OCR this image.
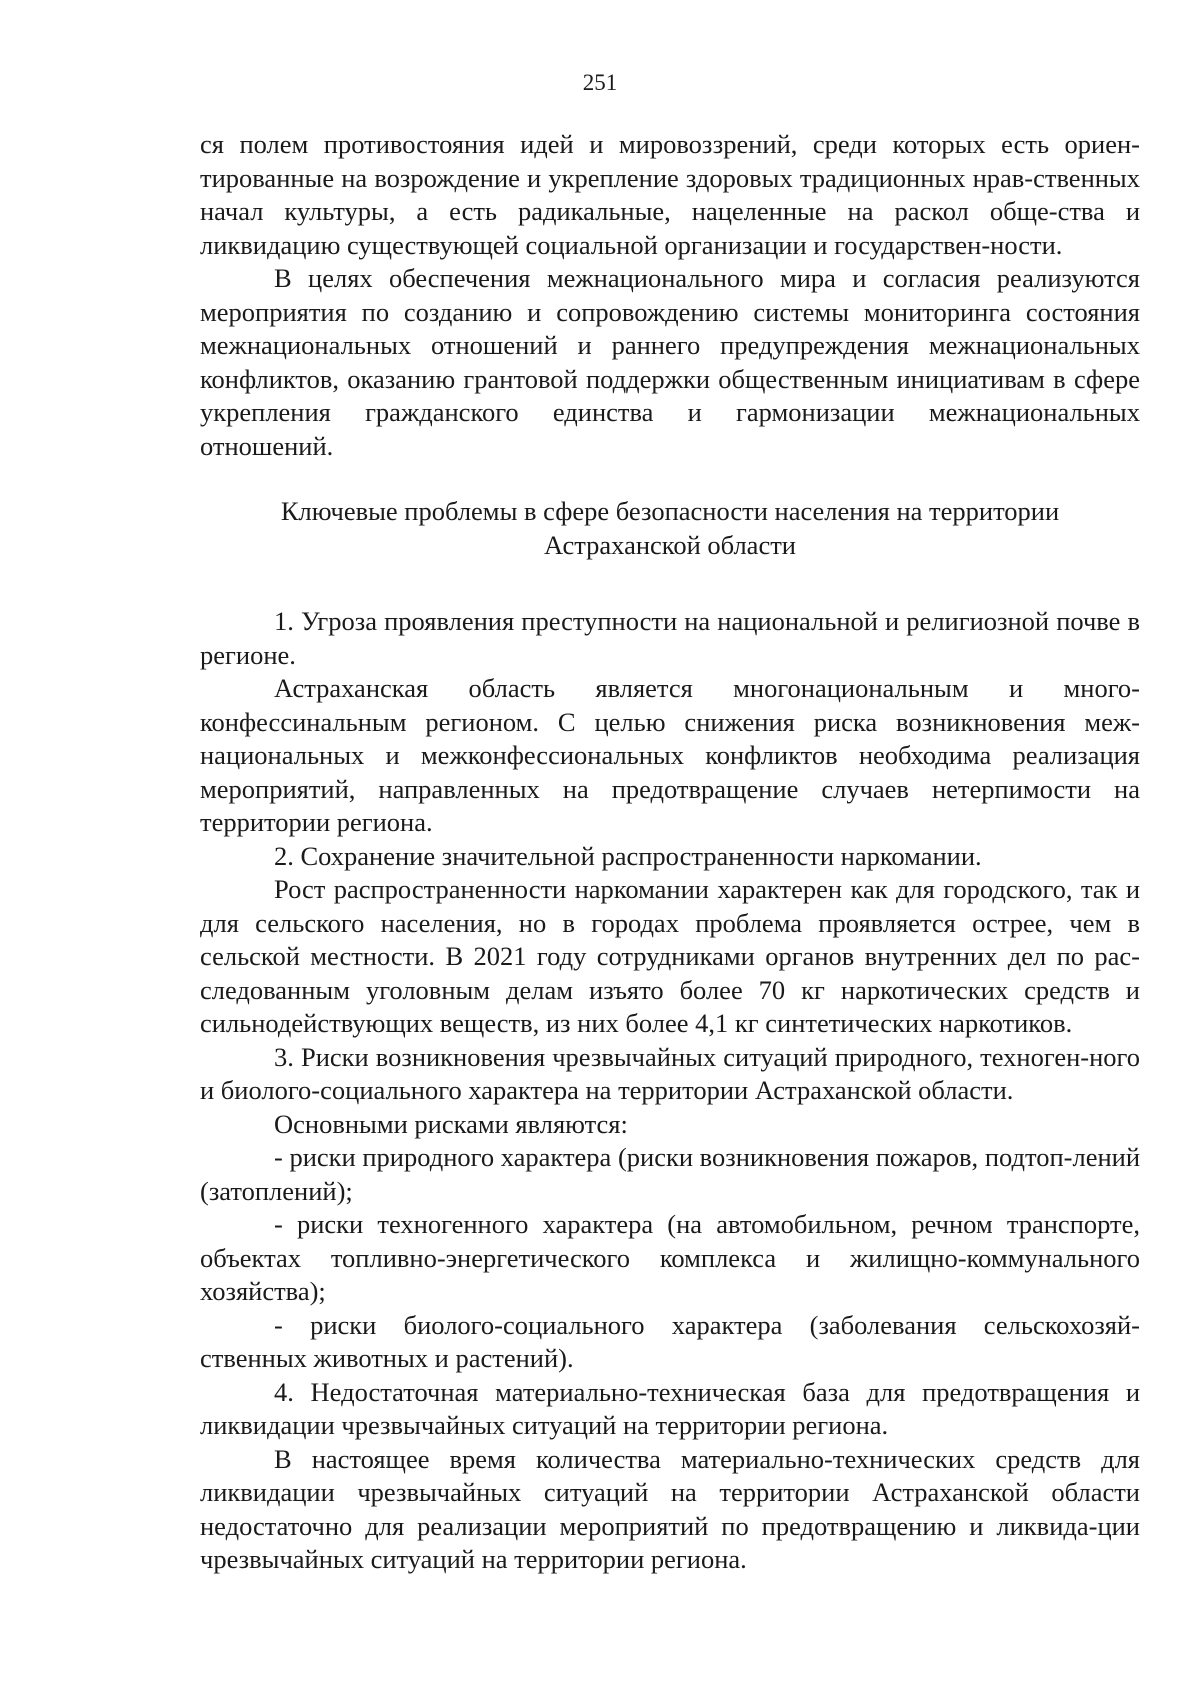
251

ся полем противостояния идей и мировоззрений, среди которых есть ориен-тированные на возрождение и укрепление здоровых традиционных нрав-ственных начал культуры, а есть радикальные, нацеленные на раскол обще-ства и ликвидацию существующей социальной организации и государствен-ности.

В целях обеспечения межнационального мира и согласия реализуются мероприятия по созданию и сопровождению системы мониторинга состояния межнациональных отношений и раннего предупреждения межнациональных конфликтов, оказанию грантовой поддержки общественным инициативам в сфере укрепления гражданского единства и гармонизации межнациональных отношений.

Ключевые проблемы в сфере безопасности населения на территории
Астраханской области

1. Угроза проявления преступности на национальной и религиозной почве в регионе.

Астраханская область является многонациональным и много-конфессинальным регионом. С целью снижения риска возникновения меж-национальных и межконфессиональных конфликтов необходима реализация мероприятий, направленных на предотвращение случаев нетерпимости на территории региона.

2. Сохранение значительной распространенности наркомании.

Рост распространенности наркомании характерен как для городского, так и для сельского населения, но в городах проблема проявляется острее, чем в сельской местности. В 2021 году сотрудниками органов внутренних дел по рас-следованным уголовным делам изъято более 70 кг наркотических средств и сильнодействующих веществ, из них более 4,1 кг синтетических наркотиков.

3. Риски возникновения чрезвычайных ситуаций природного, техноген-ного и биолого-социального характера на территории Астраханской области.

Основными рисками являются:

- риски природного характера (риски возникновения пожаров, подтоп-лений (затоплений);

- риски техногенного характера (на автомобильном, речном транспорте, объектах топливно-энергетического комплекса и жилищно-коммунального хозяйства);

- риски биолого-социального характера (заболевания сельскохозяй-ственных животных и растений).

4. Недостаточная материально-техническая база для предотвращения и ликвидации чрезвычайных ситуаций на территории региона.

В настоящее время количества материально-технических средств для ликвидации чрезвычайных ситуаций на территории Астраханской области недостаточно для реализации мероприятий по предотвращению и ликвида-ции чрезвычайных ситуаций на территории региона.
